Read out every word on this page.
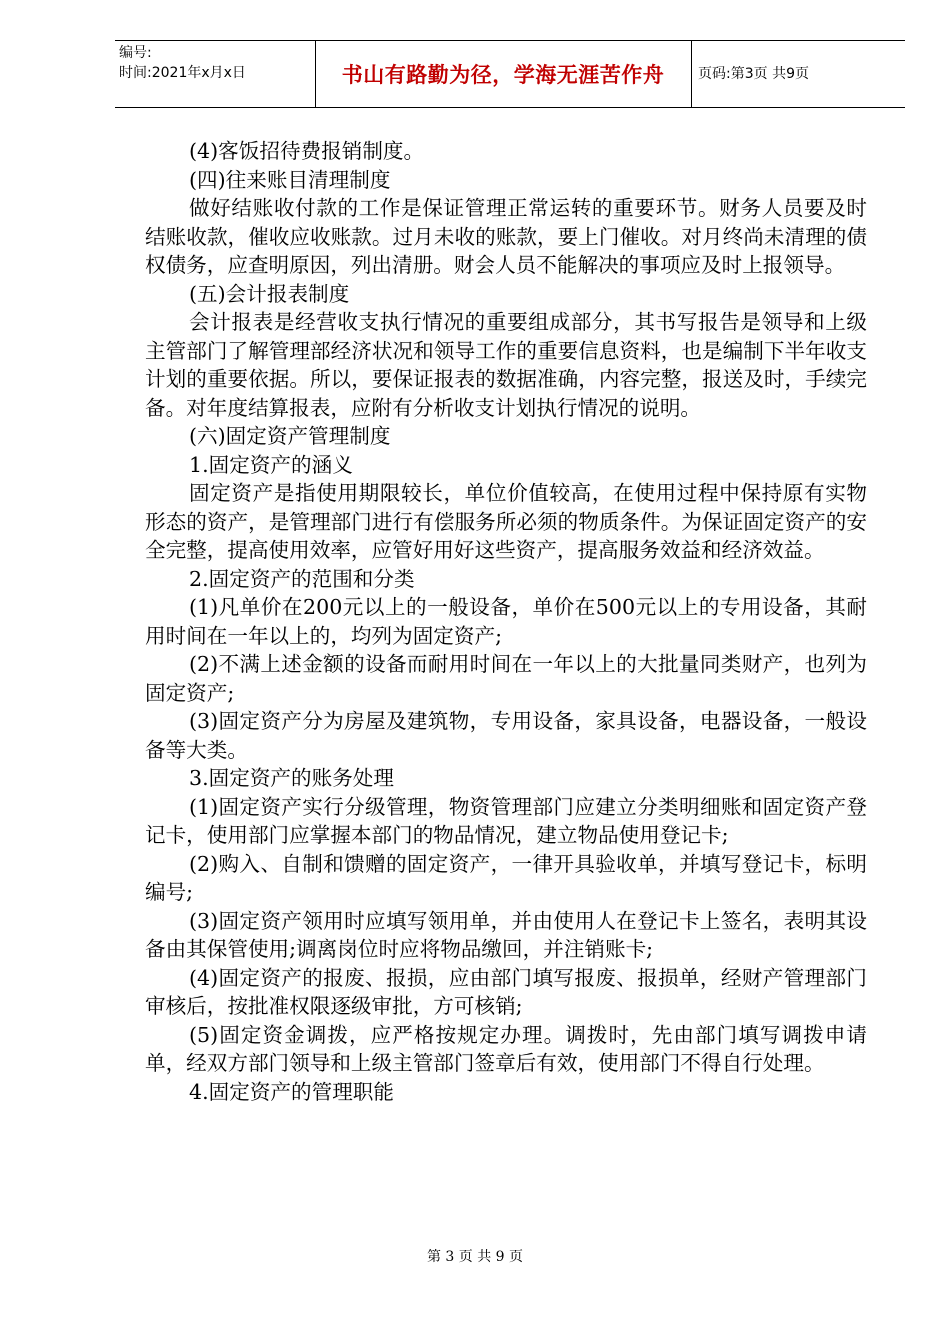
编号:
时间:2021年x月x日	书山有路勤为径，学海无涯苦作舟	页码:第3页 共9页

(4)客饭招待费报销制度。

(四)往来账目清理制度

做好结账收付款的工作是保证管理正常运转的重要环节。财务人员要及时结账收款，催收应收账款。过月未收的账款，要上门催收。对月终尚未清理的债权债务，应查明原因，列出清册。财会人员不能解决的事项应及时上报领导。

(五)会计报表制度

会计报表是经营收支执行情况的重要组成部分，其书写报告是领导和上级主管部门了解管理部经济状况和领导工作的重要信息资料，也是编制下半年收支计划的重要依据。所以，要保证报表的数据准确，内容完整，报送及时，手续完备。对年度结算报表，应附有分析收支计划执行情况的说明。

(六)固定资产管理制度

1.固定资产的涵义

固定资产是指使用期限较长，单位价值较高，在使用过程中保持原有实物形态的资产，是管理部门进行有偿服务所必须的物质条件。为保证固定资产的安全完整，提高使用效率，应管好用好这些资产，提高服务效益和经济效益。

2.固定资产的范围和分类

(1)凡单价在200元以上的一般设备，单价在500元以上的专用设备，其耐用时间在一年以上的，均列为固定资产;

(2)不满上述金额的设备而耐用时间在一年以上的大批量同类财产，也列为固定资产;

(3)固定资产分为房屋及建筑物，专用设备，家具设备，电器设备，一般设备等大类。

3.固定资产的账务处理

(1)固定资产实行分级管理，物资管理部门应建立分类明细账和固定资产登记卡，使用部门应掌握本部门的物品情况，建立物品使用登记卡;

(2)购入、自制和馈赠的固定资产，一律开具验收单，并填写登记卡，标明编号;

(3)固定资产领用时应填写领用单，并由使用人在登记卡上签名，表明其设备由其保管使用;调离岗位时应将物品缴回，并注销账卡;

(4)固定资产的报废、报损，应由部门填写报废、报损单，经财产管理部门审核后，按批准权限逐级审批，方可核销;

(5)固定资金调拨，应严格按规定办理。调拨时，先由部门填写调拨申请单，经双方部门领导和上级主管部门签章后有效，使用部门不得自行处理。

4.固定资产的管理职能

第 3 页 共 9 页
